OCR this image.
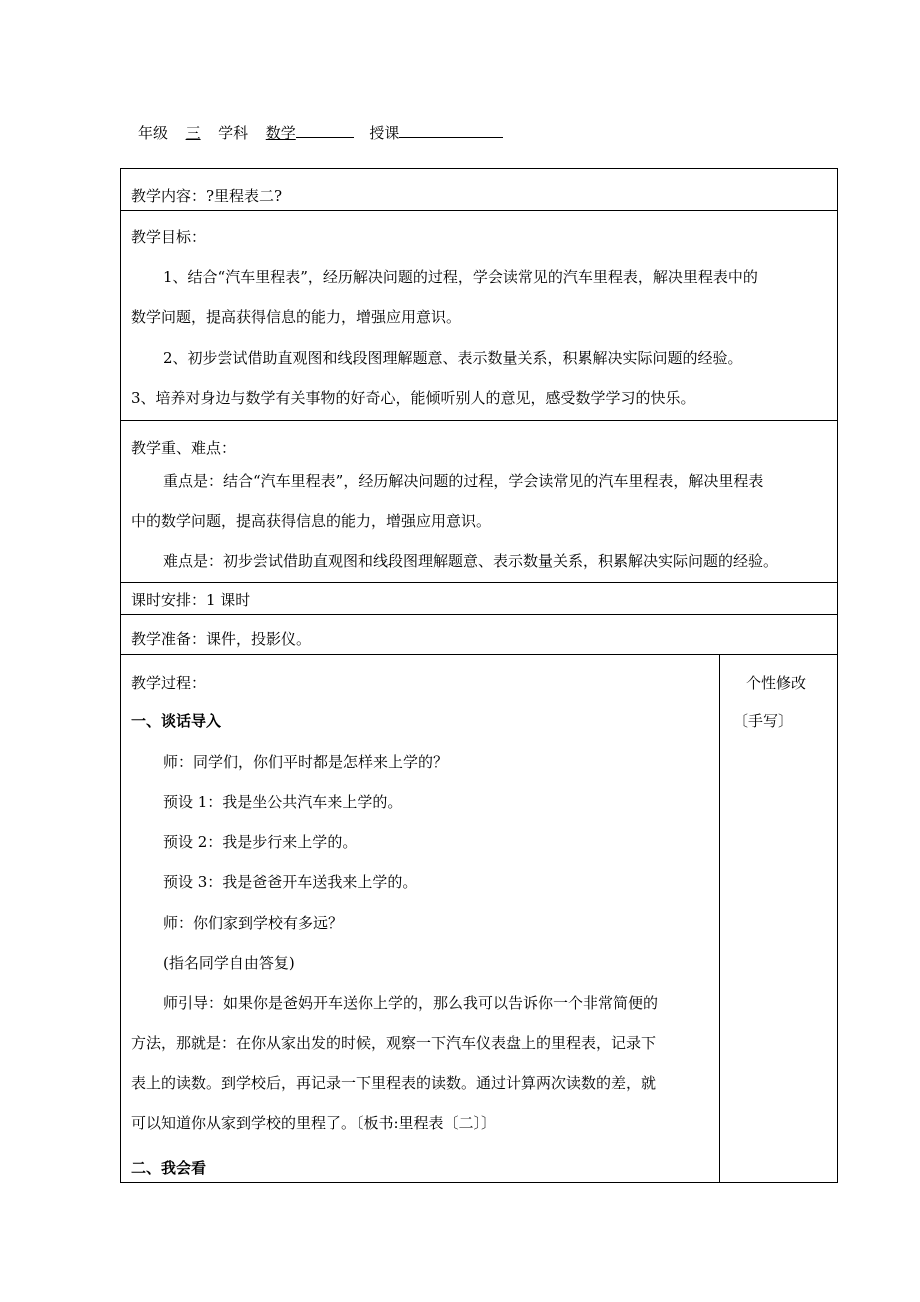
年级 三 学科 数学	授课
教学内容：?里程表二?
教学目标：
1、结合“汽车里程表”，经历解决问题的过程，学会读常见的汽车里程表，解决里程表中的
数学问题，提高获得信息的能力，增强应用意识。
2、初步尝试借助直观图和线段图理解题意、表示数量关系，积累解决实际问题的经验。
3、培养对身边与数学有关事物的好奇心，能倾听别人的意见，感受数学学习的快乐。
教学重、难点：
重点是：结合“汽车里程表”，经历解决问题的过程，学会读常见的汽车里程表，解决里程表
中的数学问题，提高获得信息的能力，增强应用意识。
难点是：初步尝试借助直观图和线段图理解题意、表示数量关系，积累解决实际问题的经验。
课时安排：1 课时
教学准备：课件，投影仪。
教学过程：
一、谈话导入
师：同学们，你们平时都是怎样来上学的？
预设 1：我是坐公共汽车来上学的。
预设 2：我是步行来上学的。
预设 3：我是爸爸开车送我来上学的。
师：你们家到学校有多远？
(指名同学自由答复)
师引导：如果你是爸妈开车送你上学的，那么我可以告诉你一个非常简便的
方法，那就是：在你从家出发的时候，观察一下汽车仪表盘上的里程表，记录下
表上的读数。到学校后，再记录一下里程表的读数。通过计算两次读数的差，就
可以知道你从家到学校的里程了。〔板书:里程表〔二〕〕
二、我会看
个性修改
〔手写〕
